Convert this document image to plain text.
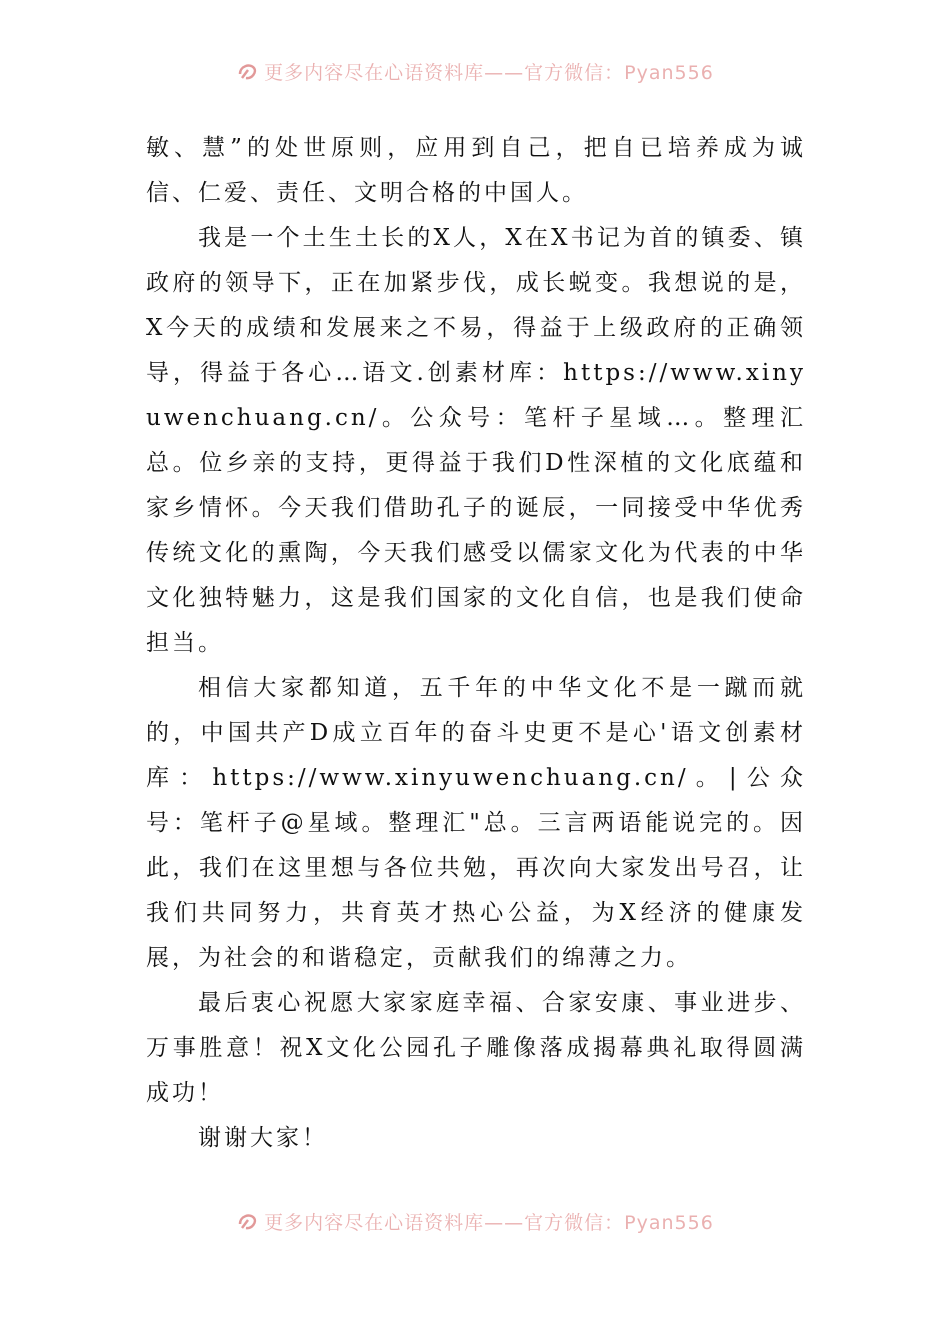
更多内容尽在心语资料库——官方微信：Pyan556

敏、慧”的处世原则，应用到自己，把自已培养成为诚信、仁爱、责任、文明合格的中国人。

我是一个土生土长的X人，X在X书记为首的镇委、镇政府的领导下，正在加紧步伐，成长蜕变。我想说的是，X今天的成绩和发展来之不易，得益于上级政府的正确领导，得益于各心…语文.创素材库：https://www.xinyuwenchuang.cn/。公众号：笔杆子星域…。整理汇总。位乡亲的支持，更得益于我们D性深植的文化底蕴和家乡情怀。今天我们借助孔子的诞辰，一同接受中华优秀传统文化的熏陶，今天我们感受以儒家文化为代表的中华文化独特魅力，这是我们国家的文化自信，也是我们使命担当。

相信大家都知道，五千年的中华文化不是一蹴而就的，中国共产D成立百年的奋斗史更不是心'语文创素材库：https://www.xinyuwenchuang.cn/。|公众号：笔杆子@星域。整理汇"总。三言两语能说完的。因此，我们在这里想与各位共勉，再次向大家发出号召，让我们共同努力，共育英才热心公益，为X经济的健康发展，为社会的和谐稳定，贡献我们的绵薄之力。

最后衷心祝愿大家家庭幸福、合家安康、事业进步、万事胜意！祝X文化公园孔子雕像落成揭幕典礼取得圆满成功！

谢谢大家！

更多内容尽在心语资料库——官方微信：Pyan556
